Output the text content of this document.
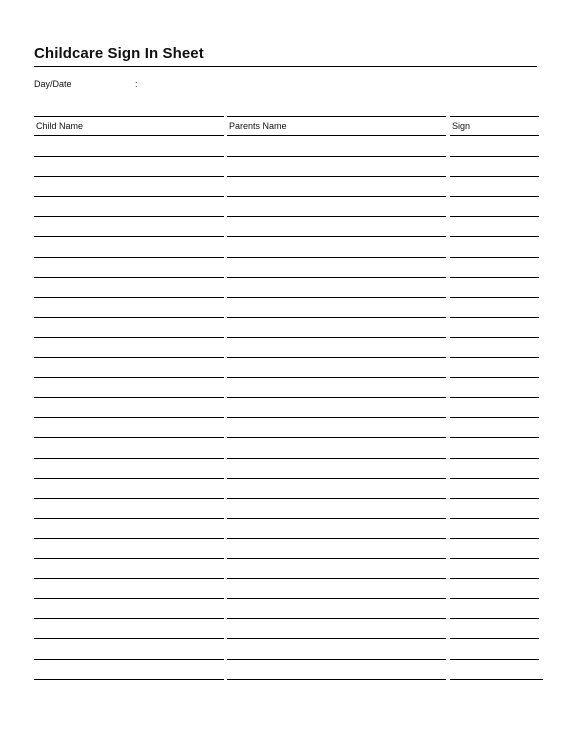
Childcare Sign In Sheet
Day/Date	:
Child Name	Parents Name	Sign
